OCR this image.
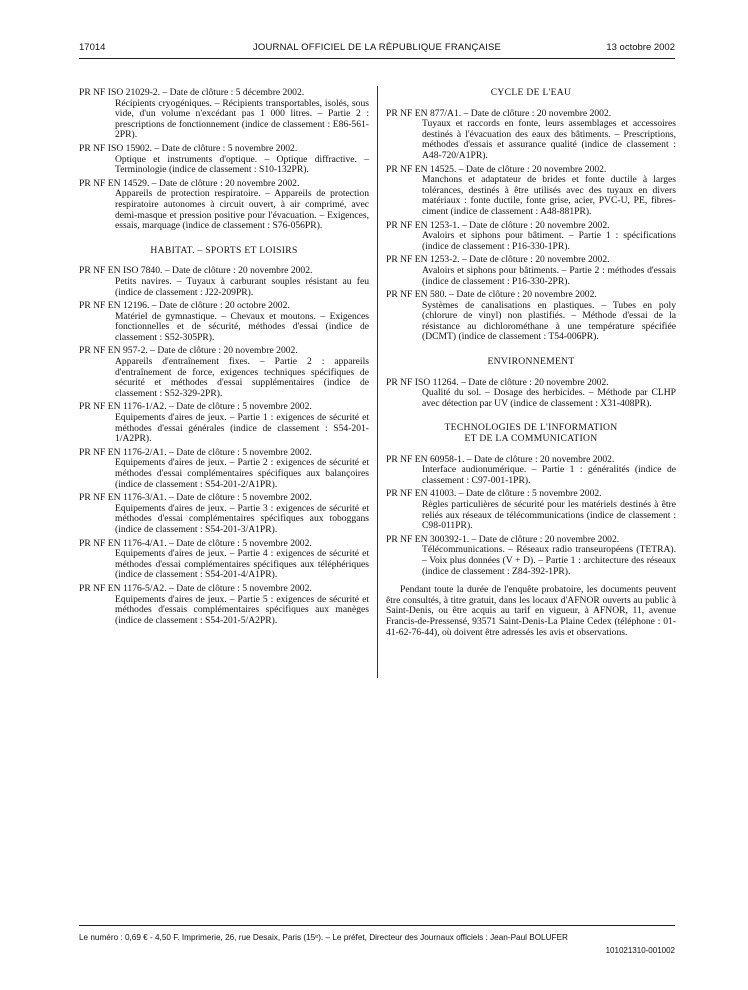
17014	JOURNAL OFFICIEL DE LA RÉPUBLIQUE FRANÇAISE	13 octobre 2002
PR NF ISO 21029-2. – Date de clôture : 5 décembre 2002.
Récipients cryogéniques. – Récipients transportables, isolés, sous vide, d'un volume n'excédant pas 1 000 litres. – Partie 2 : prescriptions de fonctionnement (indice de classement : E86-561-2PR).
PR NF ISO 15902. – Date de clôture : 5 novembre 2002.
Optique et instruments d'optique. – Optique diffractive. – Terminologie (indice de classement : S10-132PR).
PR NF EN 14529. – Date de clôture : 20 novembre 2002.
Appareils de protection respiratoire. – Appareils de protection respiratoire autonomes à circuit ouvert, à air comprimé, avec demi-masque et pression positive pour l'évacuation. – Exigences, essais, marquage (indice de classement : S76-056PR).
HABITAT. – SPORTS ET LOISIRS
PR NF EN ISO 7840. – Date de clôture : 20 novembre 2002.
Petits navires. – Tuyaux à carburant souples résistant au feu (indice de classement : J22-209PR).
PR NF EN 12196. – Date de clôture : 20 octobre 2002.
Matériel de gymnastique. – Chevaux et moutons. – Exigences fonctionnelles et de sécurité, méthodes d'essai (indice de classement : S52-305PR).
PR NF EN 957-2. – Date de clôture : 20 novembre 2002.
Appareils d'entraînement fixes. – Partie 2 : appareils d'entraînement de force, exigences techniques spécifiques de sécurité et méthodes d'essai supplémentaires (indice de classement : S52-329-2PR).
PR NF EN 1176-1/A2. – Date de clôture : 5 novembre 2002.
Equipements d'aires de jeux. – Partie 1 : exigences de sécurité et méthodes d'essai générales (indice de classement : S54-201-1/A2PR).
PR NF EN 1176-2/A1. – Date de clôture : 5 novembre 2002.
Equipements d'aires de jeux. – Partie 2 : exigences de sécurité et méthodes d'essai complémentaires spécifiques aux balançoires (indice de classement : S54-201-2/A1PR).
PR NF EN 1176-3/A1. – Date de clôture : 5 novembre 2002.
Equipements d'aires de jeux. – Partie 3 : exigences de sécurité et méthodes d'essai complémentaires spécifiques aux toboggans (indice de classement : S54-201-3/A1PR).
PR NF EN 1176-4/A1. – Date de clôture : 5 novembre 2002.
Equipements d'aires de jeux. – Partie 4 : exigences de sécurité et méthodes d'essai complémentaires spécifiques aux téléphériques (indice de classement : S54-201-4/A1PR).
PR NF EN 1176-5/A2. – Date de clôture : 5 novembre 2002.
Equipements d'aires de jeux. – Partie 5 : exigences de sécurité et méthodes d'essais complémentaires spécifiques aux manèges (indice de classement : S54-201-5/A2PR).
CYCLE DE L'EAU
PR NF EN 877/A1. – Date de clôture : 20 novembre 2002.
Tuyaux et raccords en fonte, leurs assemblages et accessoires destinés à l'évacuation des eaux des bâtiments. – Prescriptions, méthodes d'essais et assurance qualité (indice de classement : A48-720/A1PR).
PR NF EN 14525. – Date de clôture : 20 novembre 2002.
Manchons et adaptateur de brides et fonte ductile à larges tolérances, destinés à être utilisés avec des tuyaux en divers matériaux : fonte ductile, fonte grise, acier, PVC-U, PE, fibres-ciment (indice de classement : A48-881PR).
PR NF EN 1253-1. – Date de clôture : 20 novembre 2002.
Avaloirs et siphons pour bâtiment. – Partie 1 : spécifications (indice de classement : P16-330-1PR).
PR NF EN 1253-2. – Date de clôture : 20 novembre 2002.
Avaloirs et siphons pour bâtiments. – Partie 2 : méthodes d'essais (indice de classement : P16-330-2PR).
PR NF EN 580. – Date de clôture : 20 novembre 2002.
Systèmes de canalisations en plastiques. – Tubes en poly (chlorure de vinyl) non plastifiés. – Méthode d'essai de la résistance au dichlorométhane à une température spécifiée (DCMT) (indice de classement : T54-006PR).
ENVIRONNEMENT
PR NF ISO 11264. – Date de clôture : 20 novembre 2002.
Qualité du sol. – Dosage des herbicides. – Méthode par CLHP avec détection par UV (indice de classement : X31-408PR).
TECHNOLOGIES DE L'INFORMATION
ET DE LA COMMUNICATION
PR NF EN 60958-1. – Date de clôture : 20 novembre 2002.
Interface audionumérique. – Partie 1 : généralités (indice de classement : C97-001-1PR).
PR NF EN 41003. – Date de clôture : 5 novembre 2002.
Règles particulières de sécurité pour les matériels destinés à être reliés aux réseaux de télécommunications (indice de classement : C98-011PR).
PR NF EN 300392-1. – Date de clôture : 20 novembre 2002.
Télécommunications. – Réseaux radio transeuropéens (TETRA). – Voix plus données (V + D). – Partie 1 : architecture des réseaux (indice de classement : Z84-392-1PR).
Pendant toute la durée de l'enquête probatoire, les documents peuvent être consultés, à titre gratuit, dans les locaux d'AFNOR ouverts au public à Saint-Denis, ou être acquis au tarif en vigueur, à AFNOR, 11, avenue Francis-de-Pressensé, 93571 Saint-Denis-La Plaine Cedex (téléphone : 01-41-62-76-44), où doivent être adressés les avis et observations.
Le numéro : 0,69 € - 4,50 F. Imprimerie, 26, rue Desaix, Paris (15ᵉ). – Le préfet, Directeur des Journaux officiels : Jean-Paul BOLUFER
101021310-001002
